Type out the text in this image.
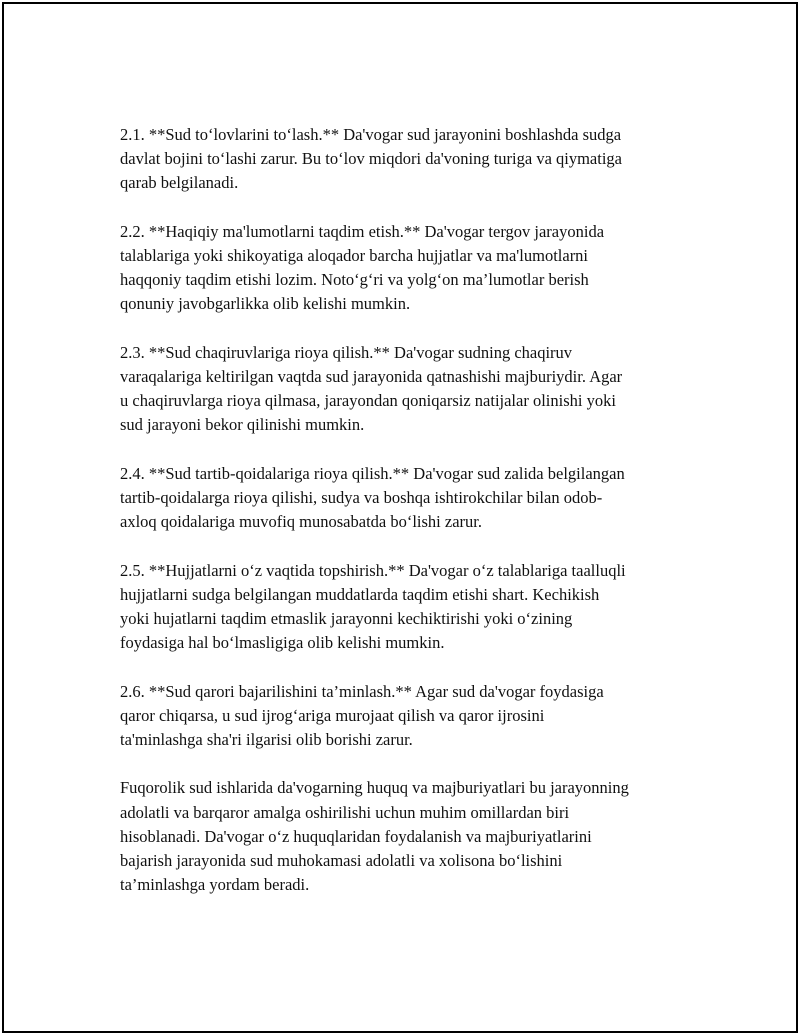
2.1. **Sud to‘lovlarini to‘lash.** Da'vogar sud jarayonini boshlashda sudga
davlat bojini to‘lashi zarur. Bu to‘lov miqdori da'voning turiga va qiymatiga
qarab belgilanadi.

2.2. **Haqiqiy ma'lumotlarni taqdim etish.** Da'vogar tergov jarayonida
talablariga yoki shikoyatiga aloqador barcha hujjatlar va ma'lumotlarni
haqqoniy taqdim etishi lozim. Noto‘g‘ri va yolg‘on ma’lumotlar berish
qonuniy javobgarlikka olib kelishi mumkin.

2.3. **Sud chaqiruvlariga rioya qilish.** Da'vogar sudning chaqiruv
varaqalariga keltirilgan vaqtda sud jarayonida qatnashishi majburiydir. Agar
u chaqiruvlarga rioya qilmasa, jarayondan qoniqarsiz natijalar olinishi yoki
sud jarayoni bekor qilinishi mumkin.

2.4. **Sud tartib-qoidalariga rioya qilish.** Da'vogar sud zalida belgilangan
tartib-qoidalarga rioya qilishi, sudya va boshqa ishtirokchilar bilan odob-
axloq qoidalariga muvofiq munosabatda bo‘lishi zarur.

2.5. **Hujjatlarni o‘z vaqtida topshirish.** Da'vogar o‘z talablariga taalluqli
hujjatlarni sudga belgilangan muddatlarda taqdim etishi shart. Kechikish
yoki hujatlarni taqdim etmaslik jarayonni kechiktirishi yoki o‘zining
foydasiga hal bo‘lmasligiga olib kelishi mumkin.

2.6. **Sud qarori bajarilishini ta’minlash.** Agar sud da'vogar foydasiga
qaror chiqarsa, u sud ijrog‘ariga murojaat qilish va qaror ijrosini
ta'minlashga sha'ri ilgarisi olib borishi zarur.

Fuqorolik sud ishlarida da'vogarning huquq va majburiyatlari bu jarayonning
adolatli va barqaror amalga oshirilishi uchun muhim omillardan biri
hisoblanadi. Da'vogar o‘z huquqlaridan foydalanish va majburiyatlarini
bajarish jarayonida sud muhokamasi adolatli va xolisona bo‘lishini
ta’minlashga yordam beradi.
